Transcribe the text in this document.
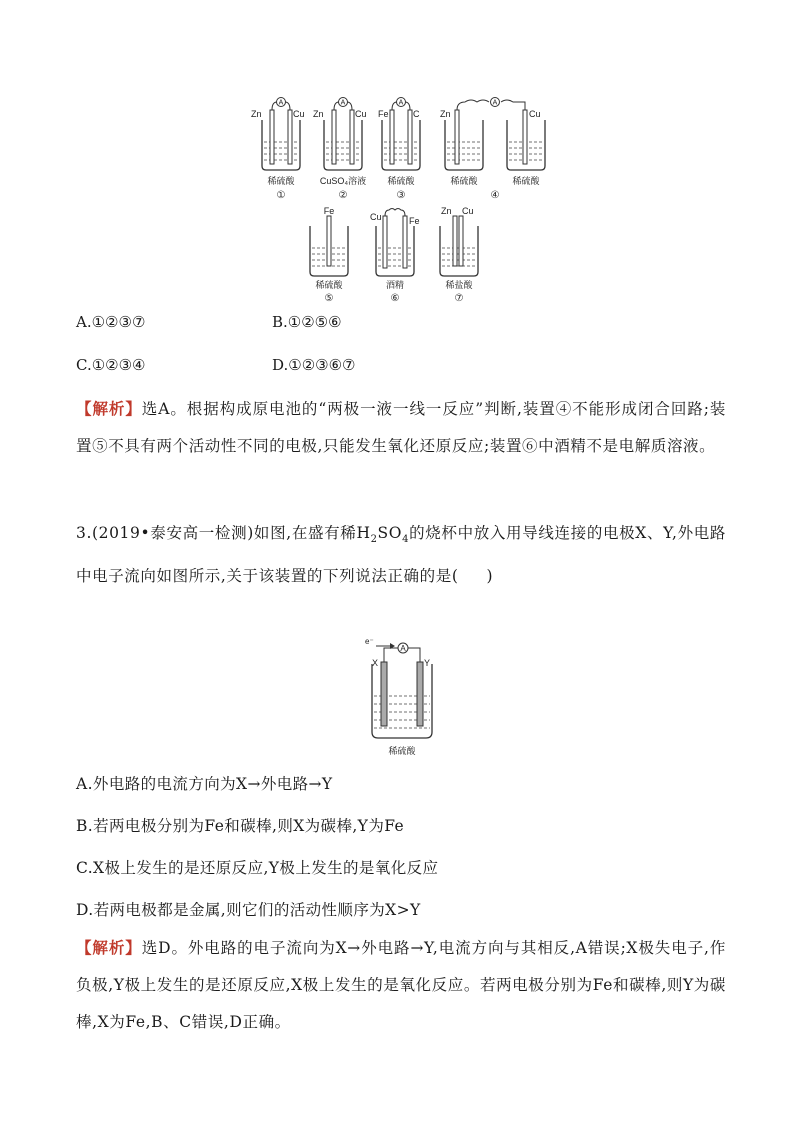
A
Zn	Cu
稀硫酸
①
A
Zn	Cu
CuSO₄溶液
②
A
Fe	C
稀硫酸
③
A
Zn	Cu
稀硫酸	稀硫酸
④
Fe
稀硫酸
⑤
Cu	Fe
酒精
⑥
Zn Cu
稀盐酸
⑦
A.①②③⑦	B.①②⑤⑥
C.①②③④	D.①②③⑥⑦
【解析】选A。根据构成原电池的“两极一液一线一反应”判断,装置④不能形成闭合回路;装置⑤不具有两个活动性不同的电极,只能发生氧化还原反应;装置⑥中酒精不是电解质溶液。
3.(2019•泰安高一检测)如图,在盛有稀$H_2SO_4$的烧杯中放入用导线连接的电极X、Y,外电路中电子流向如图所示,关于该装置的下列说法正确的是( )
e⁻
A
X	Y
稀硫酸
A.外电路的电流方向为X→外电路→Y
B.若两电极分别为Fe和碳棒,则X为碳棒,Y为Fe
C.X极上发生的是还原反应,Y极上发生的是氧化反应
D.若两电极都是金属,则它们的活动性顺序为X>Y
【解析】选D。外电路的电子流向为X→外电路→Y,电流方向与其相反,A错误;X极失电子,作负极,Y极上发生的是还原反应,X极上发生的是氧化反应。若两电极分别为Fe和碳棒,则Y为碳棒,X为Fe,B、C错误,D正确。
